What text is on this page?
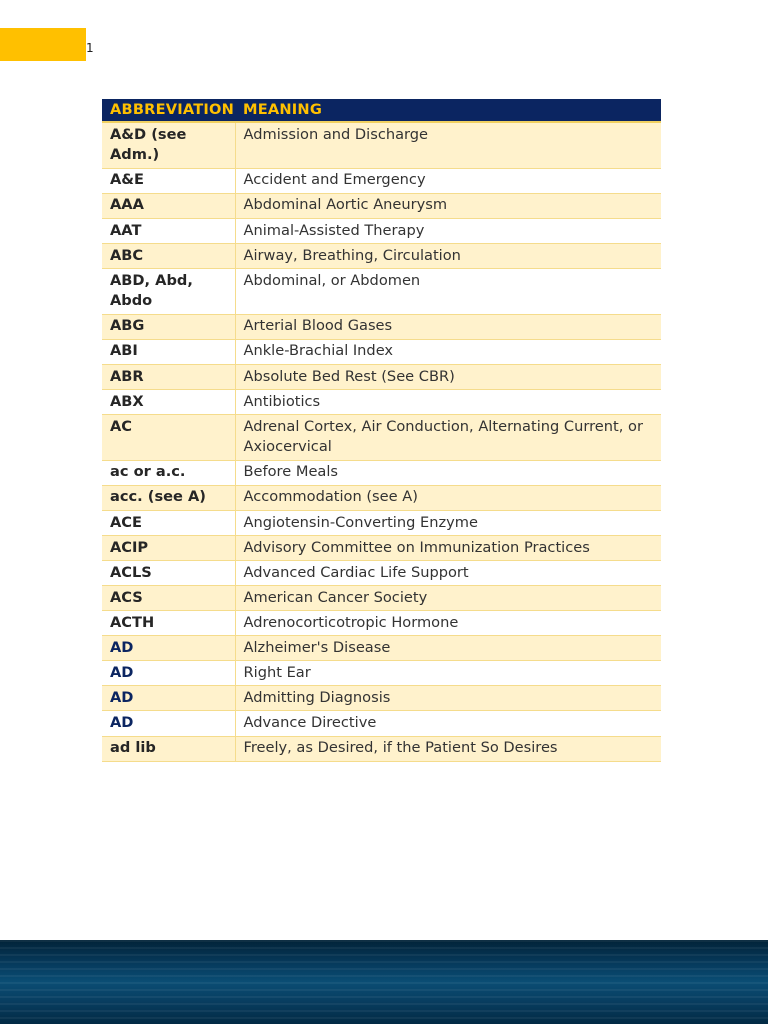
1
ABBREVIATION	MEANING
A&D (see Adm.)	Admission and Discharge
A&E	Accident and Emergency
AAA	Abdominal Aortic Aneurysm
AAT	Animal-Assisted Therapy
ABC	Airway, Breathing, Circulation
ABD, Abd, Abdo	Abdominal, or Abdomen
ABG	Arterial Blood Gases
ABI	Ankle-Brachial Index
ABR	Absolute Bed Rest (See CBR)
ABX	Antibiotics
AC	Adrenal Cortex, Air Conduction, Alternating Current, or Axiocervical
ac or a.c.	Before Meals
acc. (see A)	Accommodation (see A)
ACE	Angiotensin-Converting Enzyme
ACIP	Advisory Committee on Immunization Practices
ACLS	Advanced Cardiac Life Support
ACS	American Cancer Society
ACTH	Adrenocorticotropic Hormone
AD	Alzheimer's Disease
AD	Right Ear
AD	Admitting Diagnosis
AD	Advance Directive
ad lib	Freely, as Desired, if the Patient So Desires
